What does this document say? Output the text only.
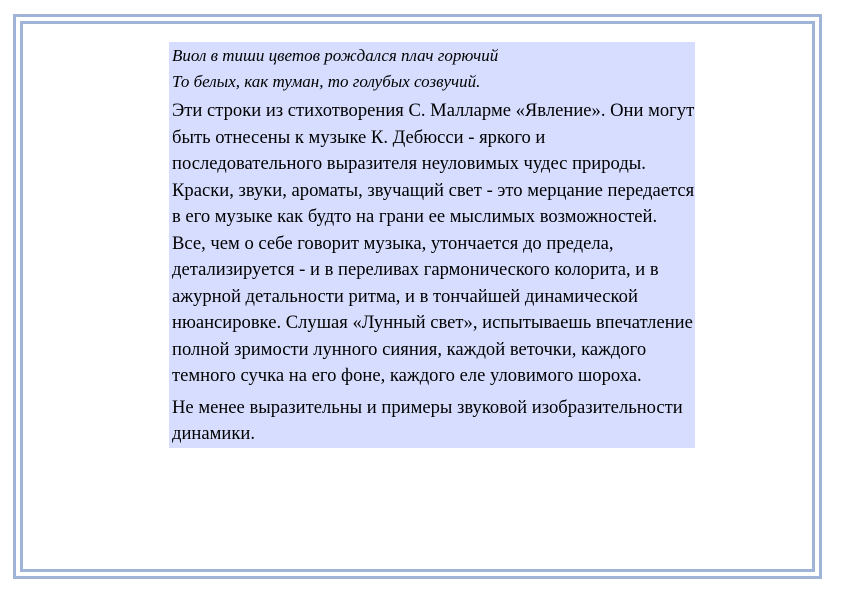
Виол в тиши цветов рождался плач горючий
То белых, как туман, то голубых созвучий.

Эти строки из стихотворения С. Малларме «Явление». Они могут быть отнесены к музыке К. Дебюсси - яркого и последовательного выразителя неуловимых чудес природы. Краски, звуки, ароматы, звучащий свет - это мерцание передается в его музыке как будто на грани ее мыслимых возможностей. Все, чем о себе говорит музыка, утончается до предела, детализируется - и в переливах гармонического колорита, и в ажурной детальности ритма, и в тончайшей динамической нюансировке. Слушая «Лунный свет», испытываешь впечатление полной зримости лунного сияния, каждой веточки, каждого темного сучка на его фоне, каждого еле уловимого шороха.

Не менее выразительны и примеры звуковой изобразительности динамики.
